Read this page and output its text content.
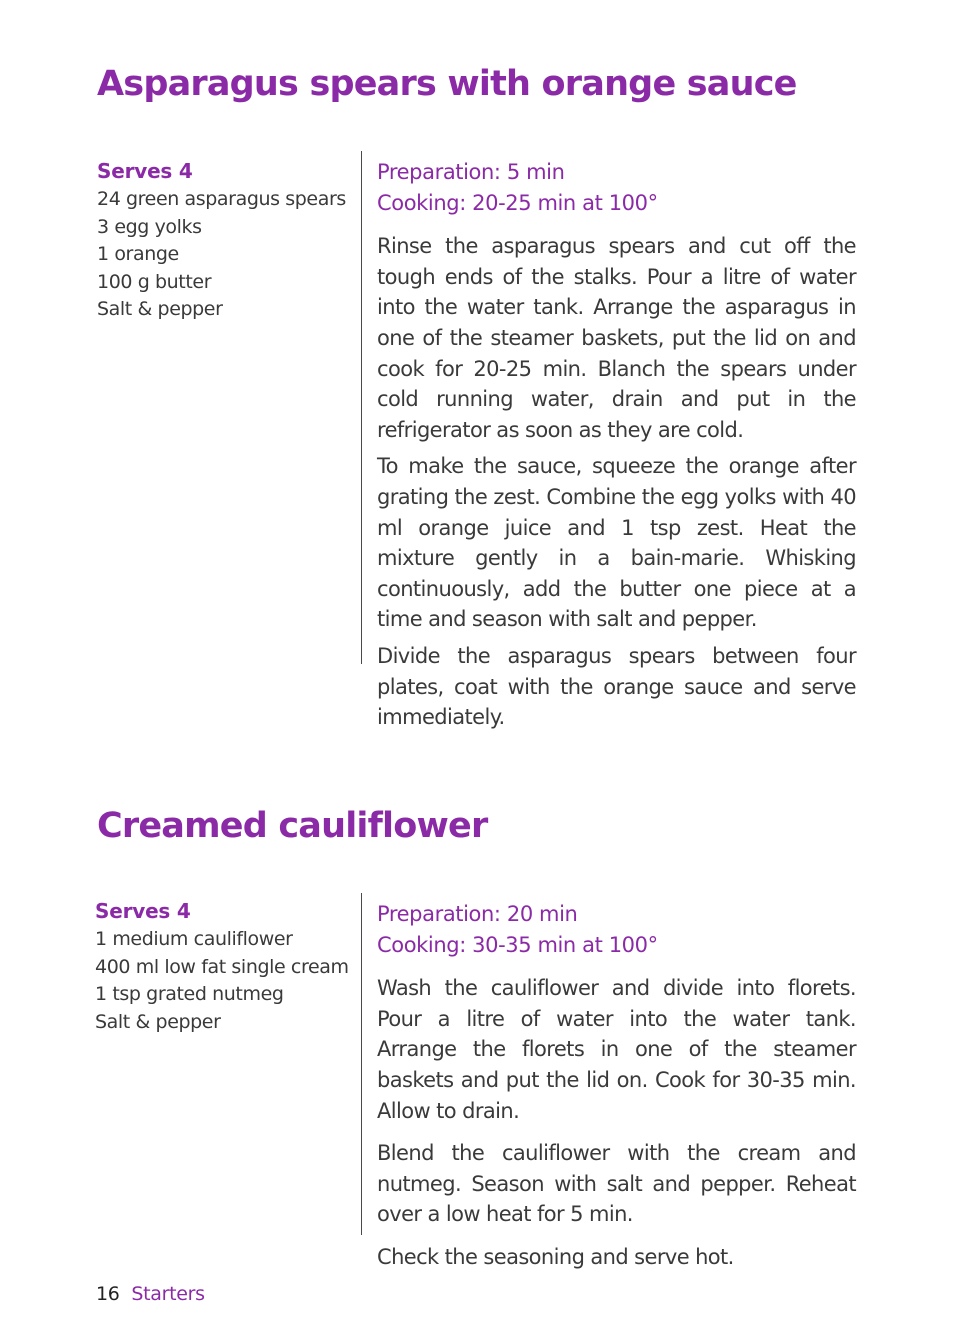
Asparagus spears with orange sauce
Serves 4
24 green asparagus spears
3 egg yolks
1 orange
100 g butter
Salt & pepper
Preparation: 5 min
Cooking: 20-25 min at 100°

Rinse the asparagus spears and cut off the tough ends of the stalks. Pour a litre of water into the water tank. Arrange the asparagus in one of the steamer baskets, put the lid on and cook for 20-25 min. Blanch the spears under cold running water, drain and put in the refrigerator as soon as they are cold.

To make the sauce, squeeze the orange after grating the zest. Combine the egg yolks with 40 ml orange juice and 1 tsp zest. Heat the mixture gently in a bain-marie. Whisking continuously, add the butter one piece at a time and season with salt and pepper.

Divide the asparagus spears between four plates, coat with the orange sauce and serve immediately.

Creamed cauliflower
Serves 4
1 medium cauliflower
400 ml low fat single cream
1 tsp grated nutmeg
Salt & pepper
Preparation: 20 min
Cooking: 30-35 min at 100°

Wash the cauliflower and divide into florets. Pour a litre of water into the water tank. Arrange the florets in one of the steamer baskets and put the lid on. Cook for 30-35 min. Allow to drain.

Blend the cauliflower with the cream and nutmeg. Season with salt and pepper. Reheat over a low heat for 5 min.

Check the seasoning and serve hot.

16 Starters
